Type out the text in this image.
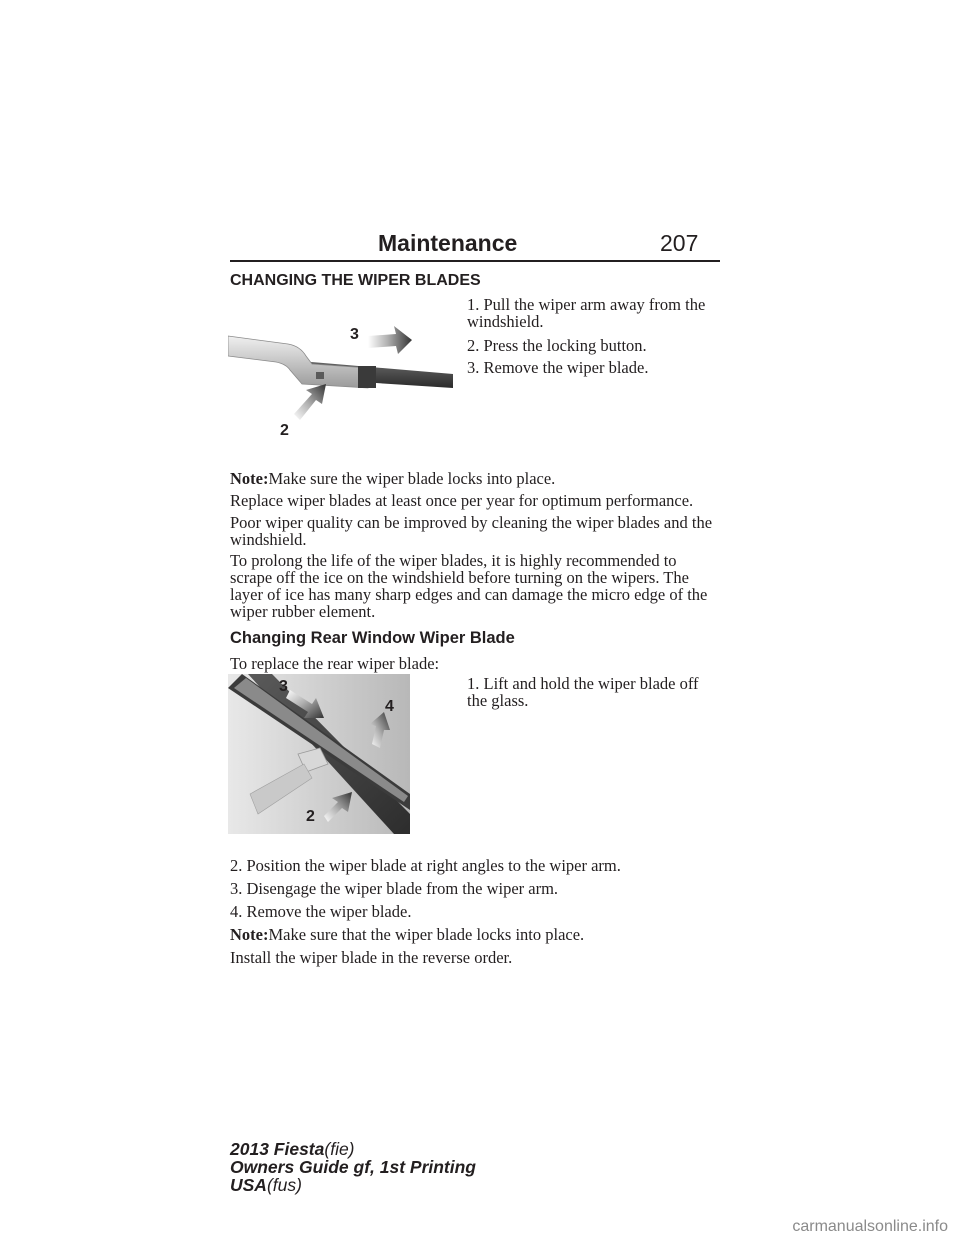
Maintenance	207
CHANGING THE WIPER BLADES
3
2
1. Pull the wiper arm away from the windshield.
2. Press the locking button.
3. Remove the wiper blade.
Note:Make sure the wiper blade locks into place.
Replace wiper blades at least once per year for optimum performance.
Poor wiper quality can be improved by cleaning the wiper blades and the windshield.
To prolong the life of the wiper blades, it is highly recommended to scrape off the ice on the windshield before turning on the wipers. The layer of ice has many sharp edges and can damage the micro edge of the wiper rubber element.
Changing Rear Window Wiper Blade
To replace the rear wiper blade:
3
4
2
1. Lift and hold the wiper blade off the glass.
2. Position the wiper blade at right angles to the wiper arm.
3. Disengage the wiper blade from the wiper arm.
4. Remove the wiper blade.
Note:Make sure that the wiper blade locks into place.
Install the wiper blade in the reverse order.
2013 Fiesta(fie)
Owners Guide gf, 1st Printing
USA(fus)
carmanualsonline.info
